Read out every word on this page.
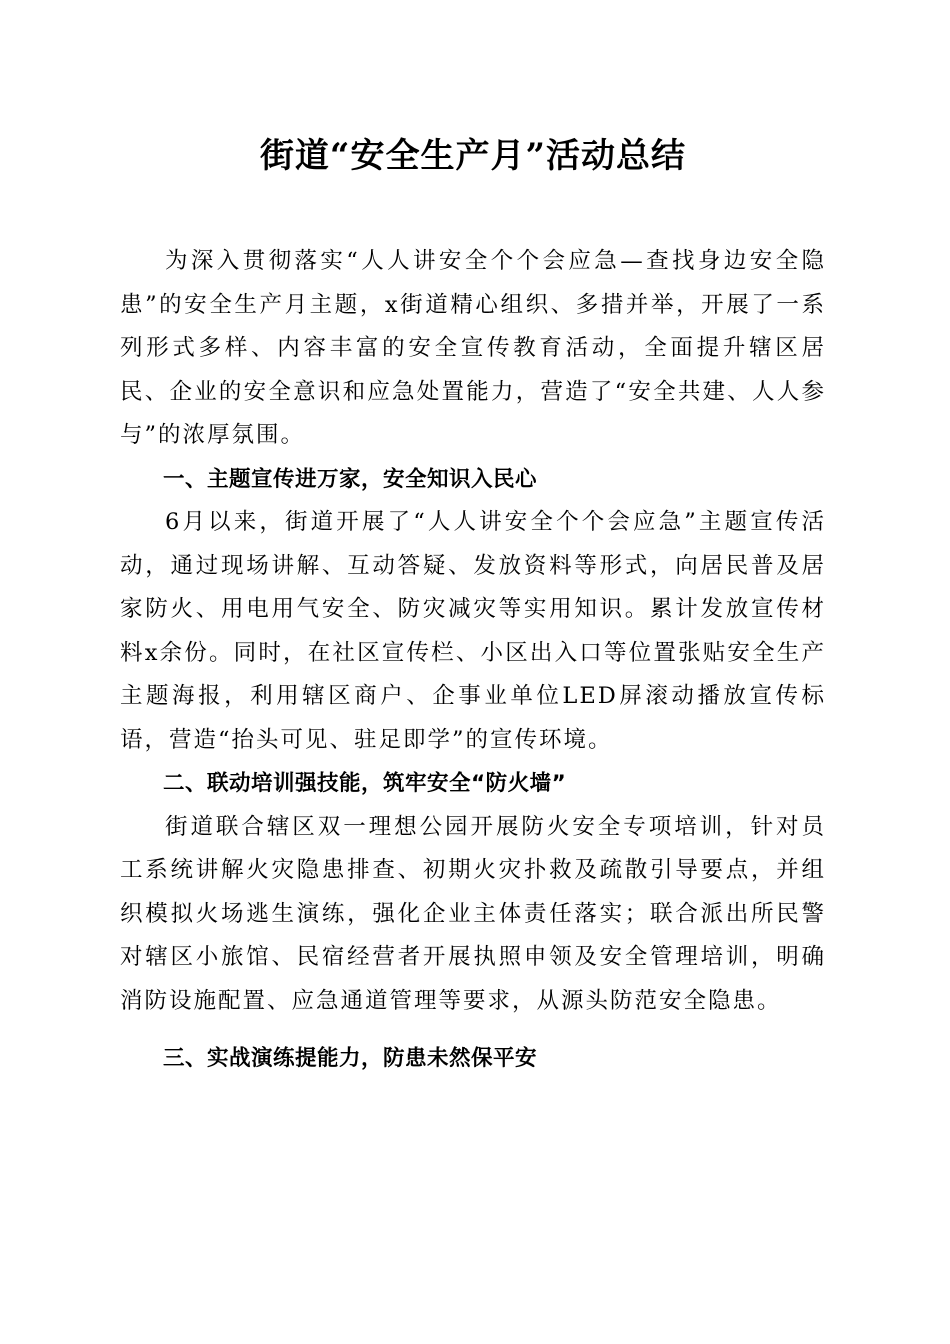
街道“安全生产月”活动总结

为深入贯彻落实“人人讲安全个个会应急—查找身边安全隐患”的安全生产月主题，x街道精心组织、多措并举，开展了一系列形式多样、内容丰富的安全宣传教育活动，全面提升辖区居民、企业的安全意识和应急处置能力，营造了“安全共建、人人参与”的浓厚氛围。

一、主题宣传进万家，安全知识入民心

6月以来，街道开展了“人人讲安全个个会应急”主题宣传活动，通过现场讲解、互动答疑、发放资料等形式，向居民普及居家防火、用电用气安全、防灾减灾等实用知识。累计发放宣传材料x余份。同时，在社区宣传栏、小区出入口等位置张贴安全生产主题海报，利用辖区商户、企事业单位LED屏滚动播放宣传标语，营造“抬头可见、驻足即学”的宣传环境。

二、联动培训强技能，筑牢安全“防火墙”

街道联合辖区双一理想公园开展防火安全专项培训，针对员工系统讲解火灾隐患排查、初期火灾扑救及疏散引导要点，并组织模拟火场逃生演练，强化企业主体责任落实；联合派出所民警对辖区小旅馆、民宿经营者开展执照申领及安全管理培训，明确消防设施配置、应急通道管理等要求，从源头防范安全隐患。

三、实战演练提能力，防患未然保平安
